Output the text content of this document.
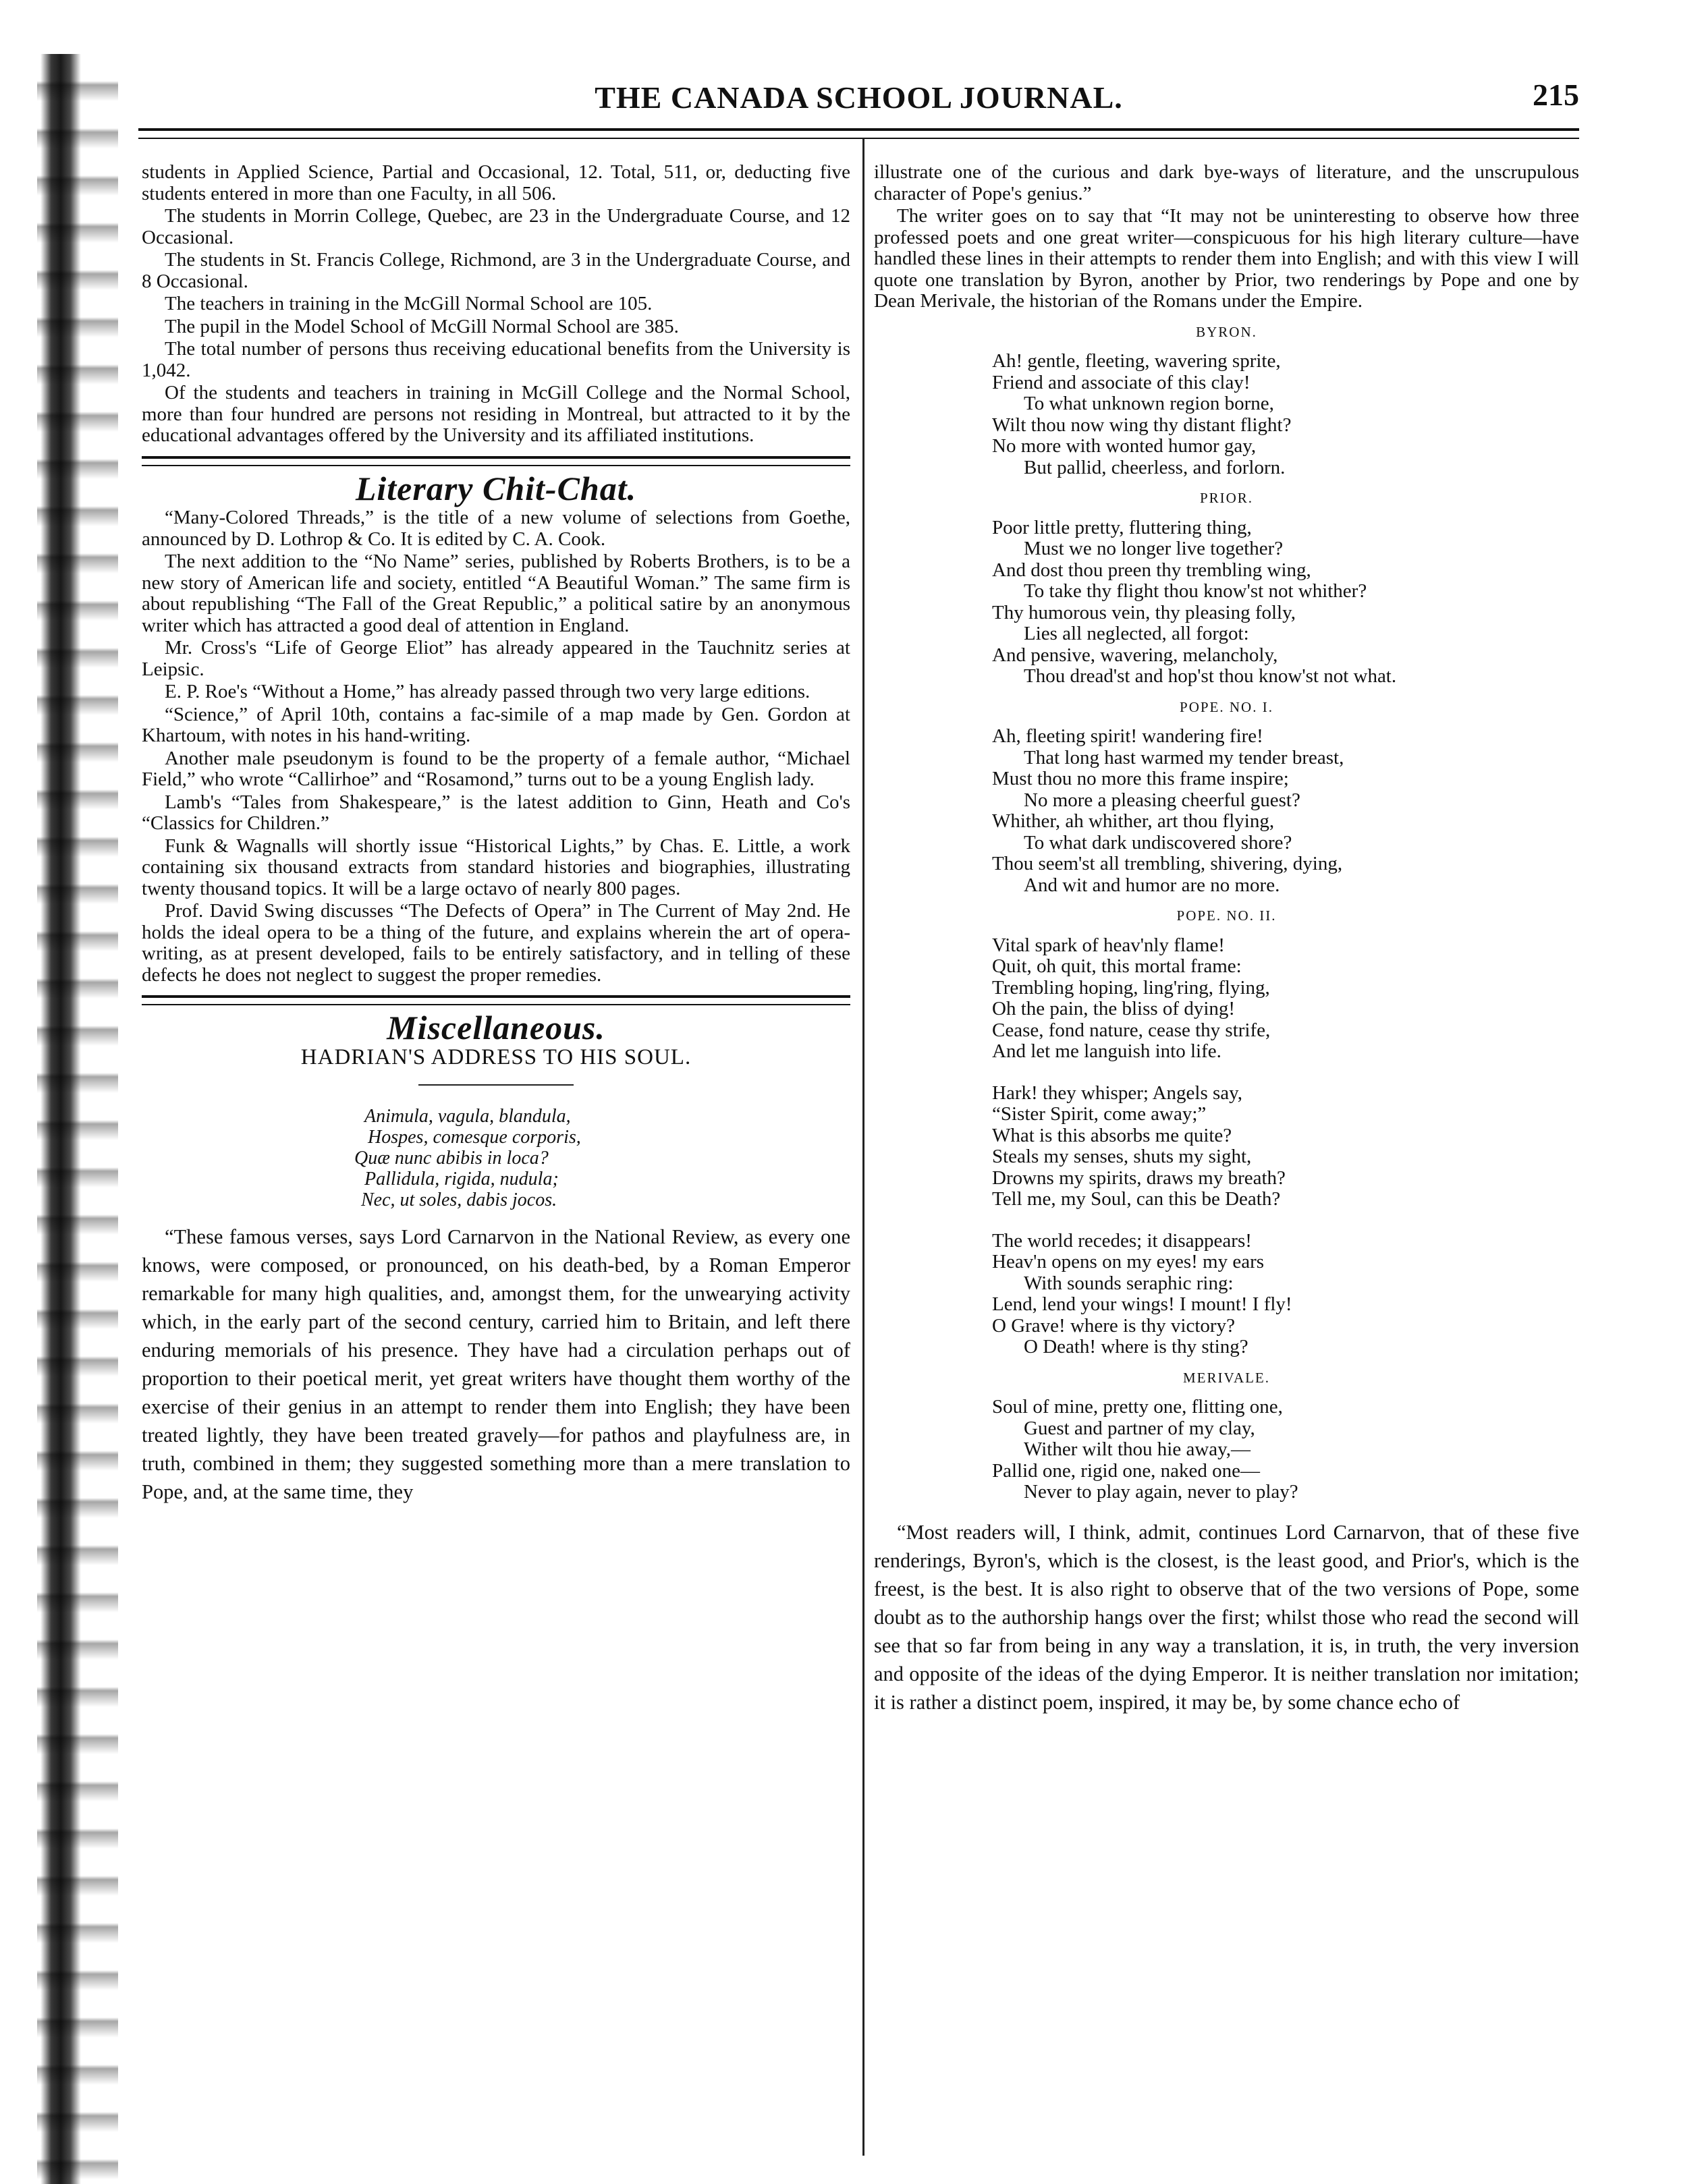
THE CANADA SCHOOL JOURNAL.	215

students in Applied Science, Partial and Occasional, 12. Total, 511, or, deducting five students entered in more than one Faculty, in all 506.

The students in Morrin College, Quebec, are 23 in the Undergraduate Course, and 12 Occasional.

The students in St. Francis College, Richmond, are 3 in the Undergraduate Course, and 8 Occasional.

The teachers in training in the McGill Normal School are 105.

The pupil in the Model School of McGill Normal School are 385.

The total number of persons thus receiving educational benefits from the University is 1,042.

Of the students and teachers in training in McGill College and the Normal School, more than four hundred are persons not residing in Montreal, but attracted to it by the educational advantages offered by the University and its affiliated institutions.

Literary Chit-Chat.

“Many-Colored Threads,” is the title of a new volume of selections from Goethe, announced by D. Lothrop & Co. It is edited by C. A. Cook.

The next addition to the “No Name” series, published by Roberts Brothers, is to be a new story of American life and society, entitled “A Beautiful Woman.” The same firm is about republishing “The Fall of the Great Republic,” a political satire by an anonymous writer which has attracted a good deal of attention in England.

Mr. Cross's “Life of George Eliot” has already appeared in the Tauchnitz series at Leipsic.

E. P. Roe's “Without a Home,” has already passed through two very large editions.

“Science,” of April 10th, contains a fac-simile of a map made by Gen. Gordon at Khartoum, with notes in his hand-writing.

Another male pseudonym is found to be the property of a female author, “Michael Field,” who wrote “Callirhoe” and “Rosamond,” turns out to be a young English lady.

Lamb's “Tales from Shakespeare,” is the latest addition to Ginn, Heath and Co's “Classics for Children.”

Funk & Wagnalls will shortly issue “Historical Lights,” by Chas. E. Little, a work containing six thousand extracts from standard histories and biographies, illustrating twenty thousand topics. It will be a large octavo of nearly 800 pages.

Prof. David Swing discusses “The Defects of Opera” in The Current of May 2nd. He holds the ideal opera to be a thing of the future, and explains wherein the art of opera-writing, as at present developed, fails to be entirely satisfactory, and in telling of these defects he does not neglect to suggest the proper remedies.

Miscellaneous.
HADRIAN'S ADDRESS TO HIS SOUL.
Animula, vagula, blandula,
Hospes, comesque corporis,
Quæ nunc abibis in loca?
Pallidula, rigida, nudula;
Nec, ut soles, dabis jocos.

“These famous verses, says Lord Carnarvon in the National Review, as every one knows, were composed, or pronounced, on his death-bed, by a Roman Emperor remarkable for many high qualities, and, amongst them, for the unwearying activity which, in the early part of the second century, carried him to Britain, and left there enduring memorials of his presence. They have had a circulation perhaps out of proportion to their poetical merit, yet great writers have thought them worthy of the exercise of their genius in an attempt to render them into English; they have been treated lightly, they have been treated gravely—for pathos and playfulness are, in truth, combined in them; they suggested something more than a mere translation to Pope, and, at the same time, they

illustrate one of the curious and dark bye-ways of literature, and the unscrupulous character of Pope's genius.”

The writer goes on to say that “It may not be uninteresting to observe how three professed poets and one great writer—conspicuous for his high literary culture—have handled these lines in their attempts to render them into English; and with this view I will quote one translation by Byron, another by Prior, two renderings by Pope and one by Dean Merivale, the historian of the Romans under the Empire.

BYRON.
Ah! gentle, fleeting, wavering sprite,
Friend and associate of this clay!
To what unknown region borne,
Wilt thou now wing thy distant flight?
No more with wonted humor gay,
But pallid, cheerless, and forlorn.
PRIOR.
Poor little pretty, fluttering thing,
Must we no longer live together?
And dost thou preen thy trembling wing,
To take thy flight thou know'st not whither?
Thy humorous vein, thy pleasing folly,
Lies all neglected, all forgot:
And pensive, wavering, melancholy,
Thou dread'st and hop'st thou know'st not what.
POPE. NO. I.
Ah, fleeting spirit! wandering fire!
That long hast warmed my tender breast,
Must thou no more this frame inspire;
No more a pleasing cheerful guest?
Whither, ah whither, art thou flying,
To what dark undiscovered shore?
Thou seem'st all trembling, shivering, dying,
And wit and humor are no more.
POPE. NO. II.
Vital spark of heav'nly flame!
Quit, oh quit, this mortal frame:
Trembling hoping, ling'ring, flying,
Oh the pain, the bliss of dying!
Cease, fond nature, cease thy strife,
And let me languish into life.
Hark! they whisper; Angels say,
“Sister Spirit, come away;”
What is this absorbs me quite?
Steals my senses, shuts my sight,
Drowns my spirits, draws my breath?
Tell me, my Soul, can this be Death?
The world recedes; it disappears!
Heav'n opens on my eyes! my ears
With sounds seraphic ring:
Lend, lend your wings! I mount! I fly!
O Grave! where is thy victory?
O Death! where is thy sting?
MERIVALE.
Soul of mine, pretty one, flitting one,
Guest and partner of my clay,
Wither wilt thou hie away,—
Pallid one, rigid one, naked one—
Never to play again, never to play?

“Most readers will, I think, admit, continues Lord Carnarvon, that of these five renderings, Byron's, which is the closest, is the least good, and Prior's, which is the freest, is the best. It is also right to observe that of the two versions of Pope, some doubt as to the authorship hangs over the first; whilst those who read the second will see that so far from being in any way a translation, it is, in truth, the very inversion and opposite of the ideas of the dying Emperor. It is neither translation nor imitation; it is rather a distinct poem, inspired, it may be, by some chance echo of
